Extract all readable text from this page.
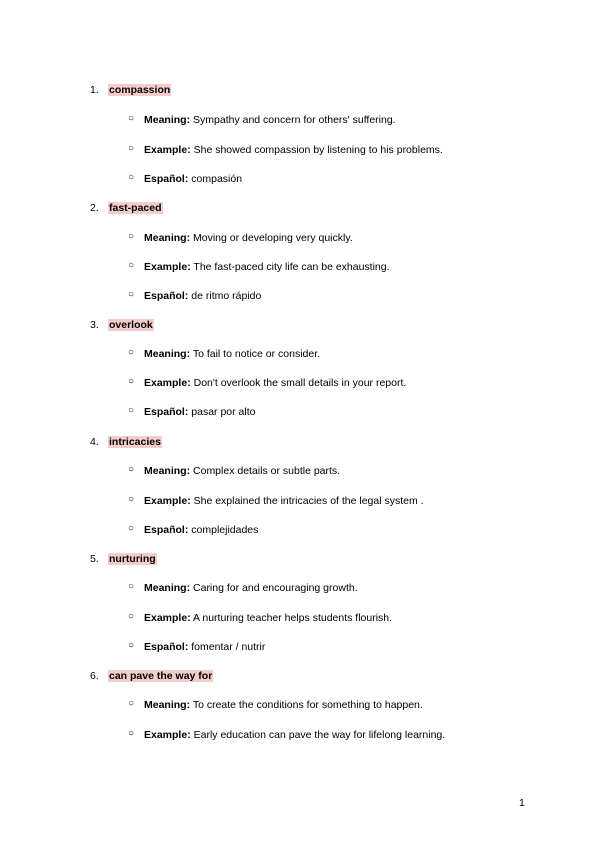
1. compassion
○ Meaning: Sympathy and concern for others' suffering.
○ Example: She showed compassion by listening to his problems.
○ Español: compasión
2. fast-paced
○ Meaning: Moving or developing very quickly.
○ Example: The fast-paced city life can be exhausting.
○ Español: de ritmo rápido
3. overlook
○ Meaning: To fail to notice or consider.
○ Example: Don't overlook the small details in your report.
○ Español: pasar por alto
4. intricacies
○ Meaning: Complex details or subtle parts.
○ Example: She explained the intricacies of the legal system .
○ Español: complejidades
5. nurturing
○ Meaning: Caring for and encouraging growth.
○ Example: A nurturing teacher helps students flourish.
○ Español: fomentar / nutrir
6. can pave the way for
○ Meaning: To create the conditions for something to happen.
○ Example: Early education can pave the way for lifelong learning.
1
